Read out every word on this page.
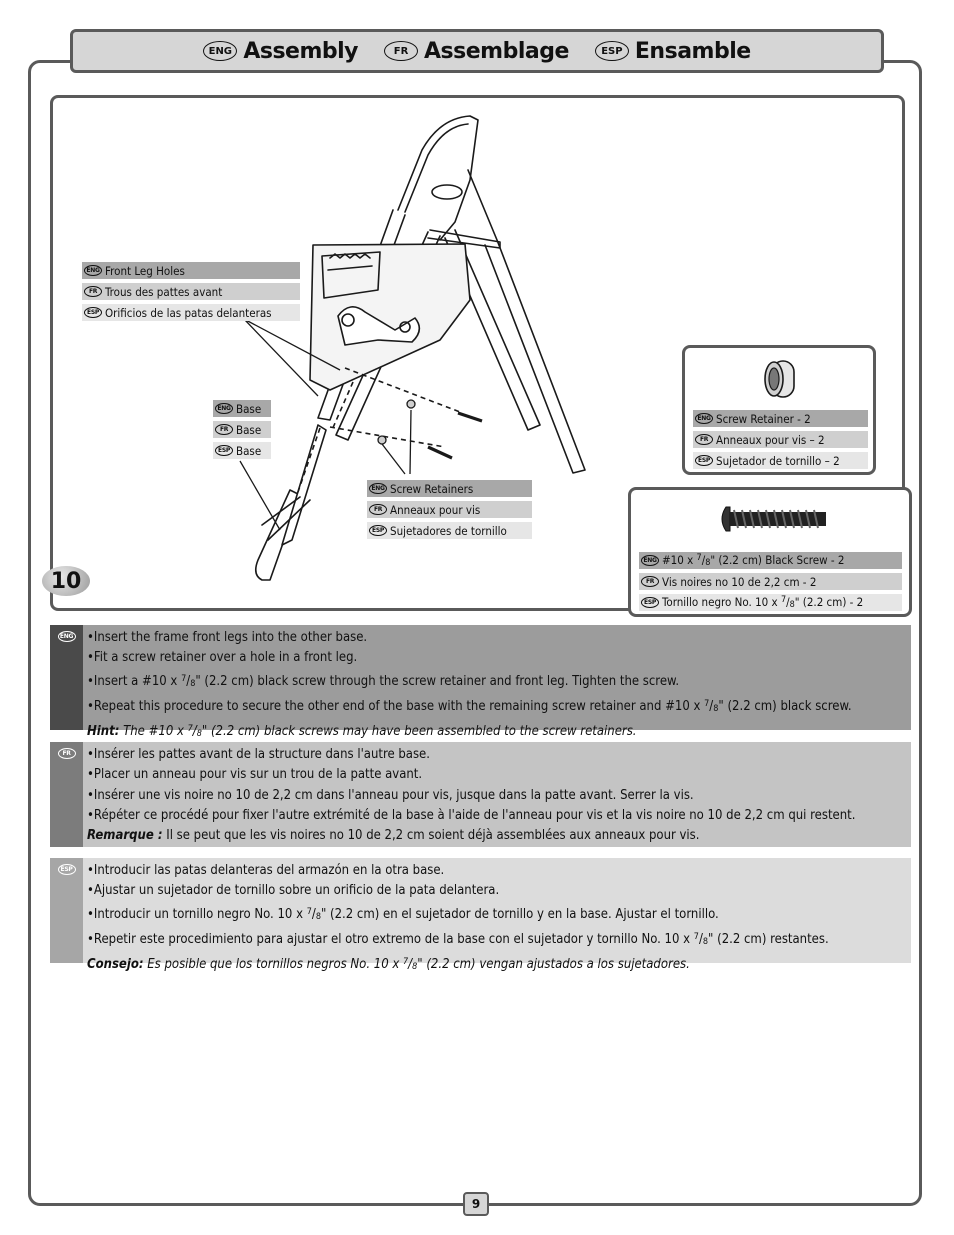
ENG Assembly	FR Assemblage	ESP Ensamble
ENG Front Leg Holes
FR Trous des pattes avant
ESP Orificios de las patas delanteras
ENG Base
FR Base
ESP Base
ENG Screw Retainers
FR Anneaux pour vis
ESP Sujetadores de tornillo
ENG Screw Retainer - 2
FR Anneaux pour vis – 2
ESP Sujetador de tornillo – 2
ENG #10 x $^7$/8" (2.2 cm) Black Screw - 2
FR Vis noires no 10 de 2,2 cm - 2
ESP Tornillo negro No. 10 x $^7$/8" (2.2 cm) - 2
10
ENG •Insert the frame front legs into the other base.
•Fit a screw retainer over a hole in a front leg.
•Insert a #10 x $^7$/8" (2.2 cm) black screw through the screw retainer and front leg. Tighten the screw.
•Repeat this procedure to secure the other end of the base with the remaining screw retainer and #10 x $^7$/8" (2.2 cm) black screw.
Hint: The #10 x $^7$/8" (2.2 cm) black screws may have been assembled to the screw retainers.
FR	•Insérer les pattes avant de la structure dans l'autre base.
•Placer un anneau pour vis sur un trou de la patte avant.
•Insérer une vis noire no 10 de 2,2 cm dans l'anneau pour vis, jusque dans la patte avant. Serrer la vis.
•Répéter ce procédé pour fixer l'autre extrémité de la base à l'aide de l'anneau pour vis et la vis noire no 10 de 2,2 cm qui restent.
Remarque : Il se peut que les vis noires no 10 de 2,2 cm soient déjà assemblées aux anneaux pour vis.
ESP •Introducir las patas delanteras del armazón en la otra base.
•Ajustar un sujetador de tornillo sobre un orificio de la pata delantera.
•Introducir un tornillo negro No. 10 x $^7$/8" (2.2 cm) en el sujetador de tornillo y en la base. Ajustar el tornillo.
•Repetir este procedimiento para ajustar el otro extremo de la base con el sujetador y tornillo No. 10 x $^7$/8" (2.2 cm) restantes.
Consejo: Es posible que los tornillos negros No. 10 x $^7$/8" (2.2 cm) vengan ajustados a los sujetadores.
9
